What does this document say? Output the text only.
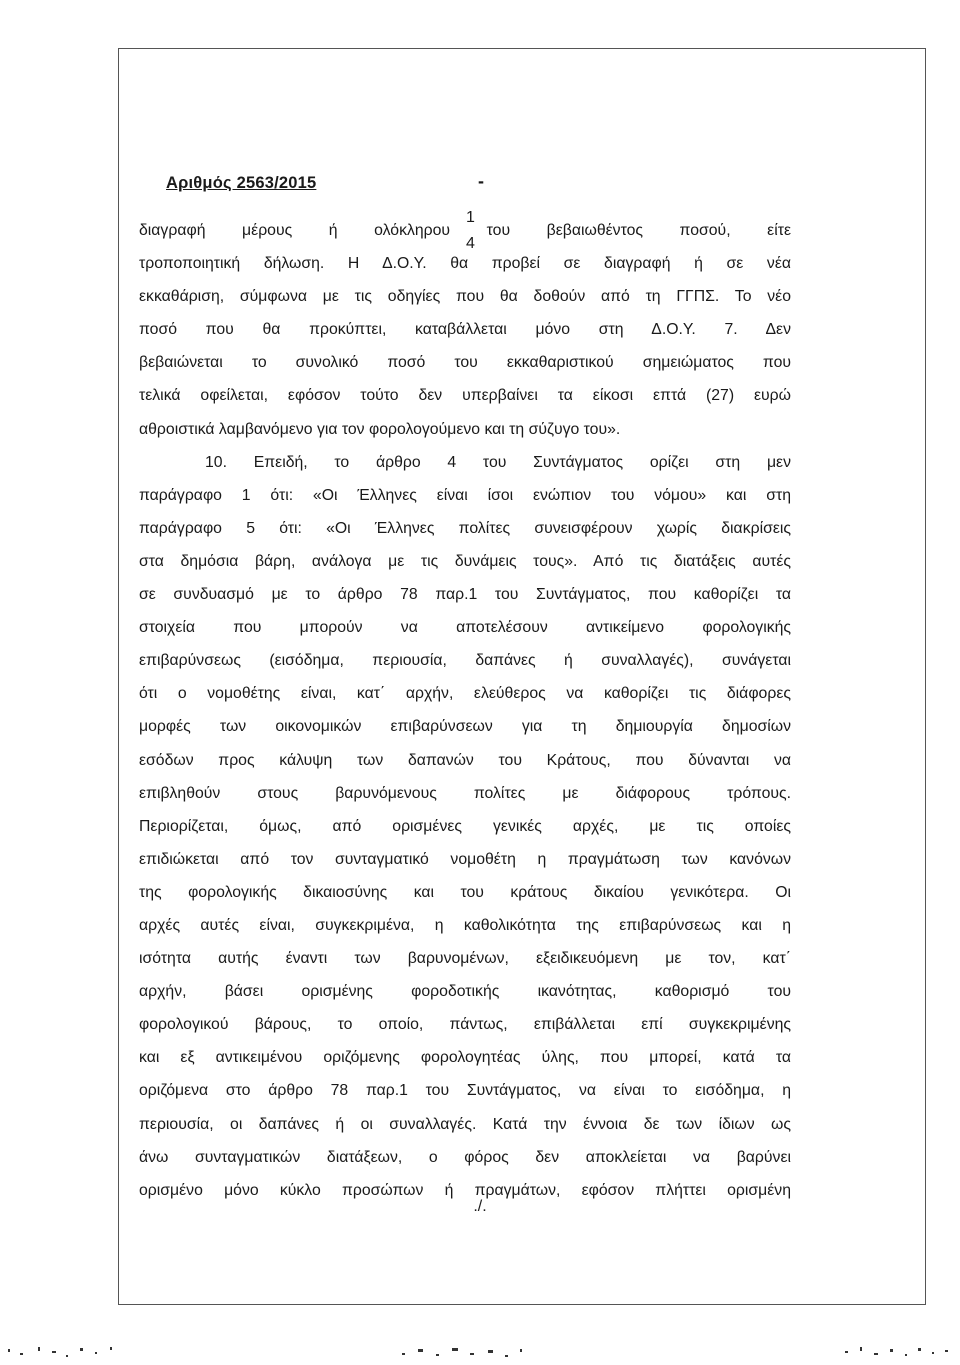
Αριθμός 2563/2015	-
1
4
διαγραφή μέρους ή ολόκληρου του βεβαιωθέντος ποσού, είτε
τροποποιητική δήλωση. Η Δ.Ο.Υ. θα προβεί σε διαγραφή ή σε νέα
εκκαθάριση, σύμφωνα με τις οδηγίες που θα δοθούν από τη ΓΓΠΣ. Το νέο
ποσό που θα προκύπτει, καταβάλλεται μόνο στη Δ.Ο.Υ. 7. Δεν
βεβαιώνεται το συνολικό ποσό του εκκαθαριστικού σημειώματος που
τελικά οφείλεται, εφόσον τούτο δεν υπερβαίνει τα είκοσι επτά (27) ευρώ
αθροιστικά λαμβανόμενο για τον φορολογούμενο και τη σύζυγο του».
10. Επειδή, το άρθρο 4 του Συντάγματος ορίζει στη μεν
παράγραφο 1 ότι: «Οι Έλληνες είναι ίσοι ενώπιον του νόμου» και στη
παράγραφο 5 ότι: «Οι Έλληνες πολίτες συνεισφέρουν χωρίς διακρίσεις
στα δημόσια βάρη, ανάλογα με τις δυνάμεις τους». Από τις διατάξεις αυτές
σε συνδυασμό με το άρθρο 78 παρ.1 του Συντάγματος, που καθορίζει τα
στοιχεία που μπορούν να αποτελέσουν αντικείμενο φορολογικής
επιβαρύνσεως (εισόδημα, περιουσία, δαπάνες ή συναλλαγές), συνάγεται
ότι ο νομοθέτης είναι, κατ΄ αρχήν, ελεύθερος να καθορίζει τις διάφορες
μορφές των οικονομικών επιβαρύνσεων για τη δημιουργία δημοσίων
εσόδων προς κάλυψη των δαπανών του Κράτους, που δύνανται να
επιβληθούν στους βαρυνόμενους πολίτες με διάφορους τρόπους.
Περιορίζεται, όμως, από ορισμένες γενικές αρχές, με τις οποίες
επιδιώκεται από τον συνταγματικό νομοθέτη η πραγμάτωση των κανόνων
της φορολογικής δικαιοσύνης και του κράτους δικαίου γενικότερα. Οι
αρχές αυτές είναι, συγκεκριμένα, η καθολικότητα της επιβαρύνσεως και η
ισότητα αυτής έναντι των βαρυνομένων, εξειδικευόμενη με τον, κατ΄
αρχήν, βάσει ορισμένης φοροδοτικής ικανότητας, καθορισμό του
φορολογικού βάρους, το οποίο, πάντως, επιβάλλεται επί συγκεκριμένης
και εξ αντικειμένου οριζόμενης φορολογητέας ύλης, που μπορεί, κατά τα
οριζόμενα στο άρθρο 78 παρ.1 του Συντάγματος, να είναι το εισόδημα, η
περιουσία, οι δαπάνες ή οι συναλλαγές. Κατά την έννοια δε των ίδιων ως
άνω συνταγματικών διατάξεων, ο φόρος δεν αποκλείεται να βαρύνει
ορισμένο μόνο κύκλο προσώπων ή πραγμάτων, εφόσον πλήττει ορισμένη
./.
